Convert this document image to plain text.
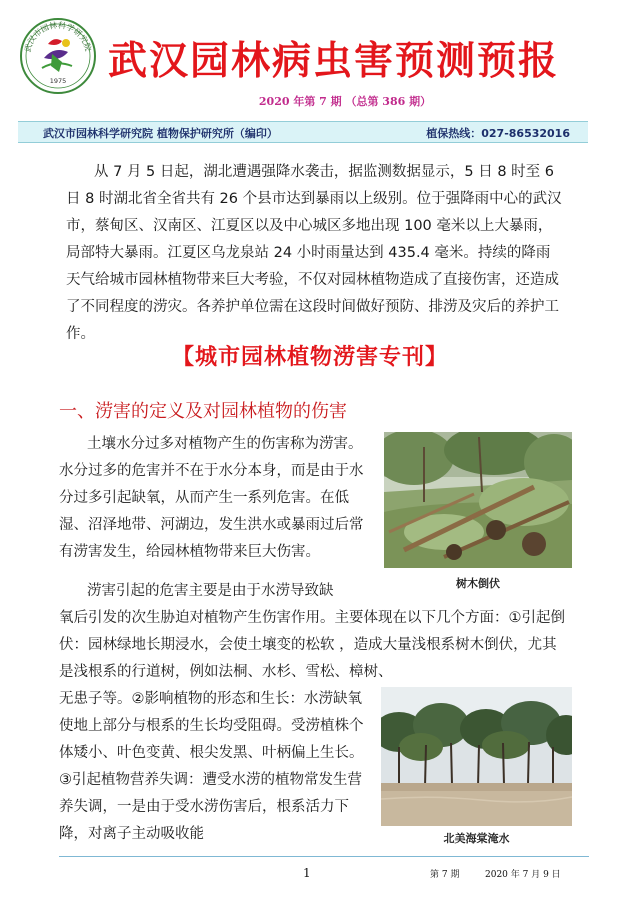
武汉市园林科学研究院
1975 武汉园林病虫害预测预报
2020 年第 7 期 （总第 386 期）
武汉市园林科学研究院 植物保护研究所（编印）	植保热线：027-86532016

从 7 月 5 日起，湖北遭遇强降水袭击，据监测数据显示，5 日 8 时至 6 日 8 时湖北省全省共有 26 个县市达到暴雨以上级别。位于强降雨中心的武汉市，蔡甸区、汉南区、江夏区以及中心城区多地出现 100 毫米以上大暴雨，局部特大暴雨。江夏区乌龙泉站 24 小时雨量达到 435.4 毫米。持续的降雨天气给城市园林植物带来巨大考验，不仅对园林植物造成了直接伤害，还造成了不同程度的涝灾。各养护单位需在这段时间做好预防、排涝及灾后的养护工作。

【城市园林植物涝害专刊】
一、涝害的定义及对园林植物的伤害

土壤水分过多对植物产生的伤害称为涝害。水分过多的危害并不在于水分本身，而是由于水分过多引起缺氧，从而产生一系列危害。在低湿、沼泽地带、河湖边，发生洪水或暴雨过后常有涝害发生，给园林植物带来巨大伤害。

涝害引起的危害主要是由于水涝导致缺

氧后引发的次生胁迫对植物产生伤害作用。主要体现在以下几个方面：①引起倒伏：园林绿地长期浸水，会使土壤变的松软 ，造成大量浅根系树木倒伏，尤其是浅根系的行道树，例如法桐、水杉、雪松、樟树、

无患子等。②影响植物的形态和生长：水涝缺氧使地上部分与根系的生长均受阻碍。受涝植株个体矮小、叶色变黄、根尖发黑、叶柄偏上生长。③引起植物营养失调：遭受水涝的植物常发生营养失调，一是由于受水涝伤害后，根系活力下降，对离子主动吸收能

树木倒伏
北美海棠淹水
1	第 7 期	2020 年 7 月 9 日
